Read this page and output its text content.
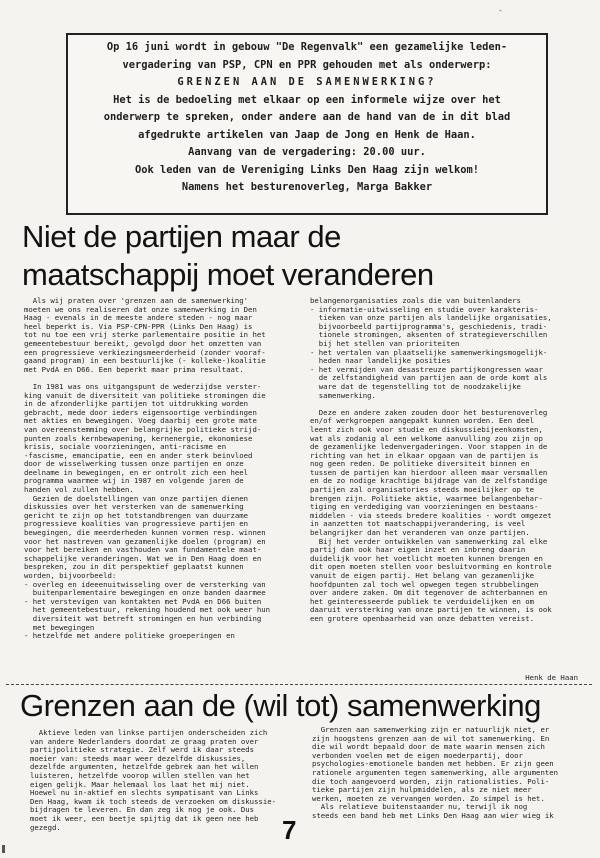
-
Op 16 juni wordt in gebouw "De Regenvalk" een gezamelijke leden-
vergadering van PSP, CPN en PPR gehouden met als onderwerp:
GRENZEN AAN DE SAMENWERKING?
Het is de bedoeling met elkaar op een informele wijze over het
onderwerp te spreken, onder andere aan de hand van de in dit blad
afgedrukte artikelen van Jaap de Jong en Henk de Haan.
Aanvang van de vergadering: 20.00 uur.
Ook leden van de Vereniging Links Den Haag zijn welkom!
Namens het besturenoverleg, Marga Bakker
Niet de partijen maar de
maatschappij moet veranderen
Als wij praten over 'grenzen aan de samenwerking'
moeten we ons realiseren dat onze samenwerking in Den
Haag - evenals in de meeste andere steden - nog maar
heel beperkt is. Via PSP-CPN-PPR (Links Den Haag) is
tot nu toe een vrij sterke parlementaire positie in het
gemeentebestuur bereikt, gevolgd door het omzetten van
een progressieve verkiezingsmeerderheid (zonder vooraf-
gaand program) in een bestuurlijke (- kolleke-)koalitie
met PvdA en D66. Een beperkt maar prima resultaat.

In 1981 was ons uitgangspunt de wederzijdse verster-
king vanuit de diversiteit van politieke stromingen die
in de afzonderlijke partijen tot uitdrukking worden
gebracht, mede door ieders eigensoortige verbindingen
met akties en bewegingen. Voeg daarbij een grote mate
van overeenstemming over belangrijke politieke strijd-
punten zoals kernbewapening, kernenergie, ekonomiese
krisis, sociale voorzieningen, anti-racisme en
-fascisme, emancipatie, een en ander sterk beinvloed
door de wisselwerking tussen onze partijen en onze
deelname in bewegingen, en er ontrolt zich een heel
programma waarmee wij in 1987 en volgende jaren de
handen vol zullen hebben.
Gezien de doelstellingen van onze partijen dienen
diskussies over het versterken van de samenwerking
gericht te zijn op het totstandbrengen van duurzame
progressieve koalities van progressieve partijen en
bewegingen, die meerderheden kunnen vormen resp. winnen
voor het nastreven van gezamenlijke doelen (program) en
voor het bereiken en vasthouden van fundamentele maat-
schappelijke veranderingen. Wat we in Den Haag doen en
bespreken, zou in dit perspektief geplaatst kunnen
worden, bijvoorbeeld:
- overleg en ideeenuitwisseling over de versterking van
buitenparlementaire bewegingen en onze banden daarmee
- het verstevigen van kontakten met PvdA en D66 buiten
het gemeentebestuur, rekening houdend met ook weer hun
diversiteit wat betreft stromingen en hun verbinding
met bewegingen
- hetzelfde met andere politieke groeperingen en
belangenorganisaties zoals die van buitenlanders
- informatie-uitwisseling en studie over karakteris-
tieken van onze partijen als landelijke organisaties,
bijvoorbeeld partijprogramma's, geschiedenis, tradi-
tionele stromingen, aksenten of strategieverschillen
bij het stellen van prioriteiten
- het vertalen van plaatselijke samenwerkingsmogelijk-
heden naar landelijke posities
- het vermijden van desastreuze partijkongressen waar
de zelfstandigheid van partijen aan de orde komt als
ware dat de tegenstelling tot de noodzakelijke
samenwerking.

Deze en andere zaken zouden door het besturenoverleg
en/of werkgroepen aangepakt kunnen worden. Een deel
leent zich ook voor studie en diskussiebijeenkomsten,
wat als zodanig al een welkome aanvulling zou zijn op
de gezamenlijke ledenvergaderingen. Voor stappen in de
richting van het in elkaar opgaan van de partijen is
nog geen reden. De politieke diversiteit binnen en
tussen de partijen kan hierdoor alleen maar versmallen
en de zo nodige krachtige bijdrage van de zelfstandige
partijen zal organisatories steeds moeilijker op te
brengen zijn. Politieke aktie, waarmee belangenbehar-
tiging en verdediging van voorzieningen en bestaans-
middelen - via steeds bredere koalities - wordt omgezet
in aanzetten tot maatschappijverandering, is veel
belangrijker dan het veranderen van onze partijen.
Bij het verder ontwikkelen van samenwerking zal elke
partij dan ook haar eigen inzet en inbreng daarin
duidelijk voor het voetlicht moeten kunnen brengen en
dit open moeten stellen voor besluitvorming en kontrole
vanuit de eigen partij. Het belang van gezamenlijke
hoofdpunten zal toch wel opwegen tegen strubbelingen
over andere zaken. Om dit tegenover de achterbannen en
het geinteresseerde publiek te verduidelijken en om
daaruit versterking van onze partijen te winnen, is ook
een grotere openbaarheid van onze debatten vereist.
Henk de Haan
Grenzen aan de (wil tot) samenwerking
Aktieve leden van linkse partijen onderscheiden zich
van andere Nederlanders doordat ze graag praten over
partijpolitieke strategie. Zelf werd ik daar steeds
moeier van: steeds maar weer dezelfde diskussies,
dezelfde argumenten, hetzelfde gebrek aan het willen
luisteren, hetzelfde voorop willen stellen van het
eigen gelijk. Maar helemaal los laat het mij niet.
Hoewel nu in-aktief en slechts sympatisant van Links
Den Haag, kwam ik toch steeds de verzoeken om diskussie-
bijdragen te leveren. En dan zeg ik nog je ook. Dus
moet ik weer, een beetje spijtig dat ik geen nee heb
gezegd.
Grenzen aan samenwerking zijn er natuurlijk niet, er
zijn hoogstens grenzen aan de wil tot samenwerking. En
die wil wordt bepaald door de mate waarin mensen zich
verbonden voelen met de eigen moederpartij, door
psychologies-emotionele banden met hebben. Er zijn geen
rationele argumenten tegen samenwerking, alle argumenten
die toch aangevoerd worden, zijn rationalisties. Poli-
tieke partijen zijn hulpmiddelen, als ze niet meer
werken, moeten ze vervangen worden. Zo simpel is het.
Als relatieve buitenstaander nu, terwijl ik nog
steeds een band heb met Links Den Haag aan wier wieg ik
7
